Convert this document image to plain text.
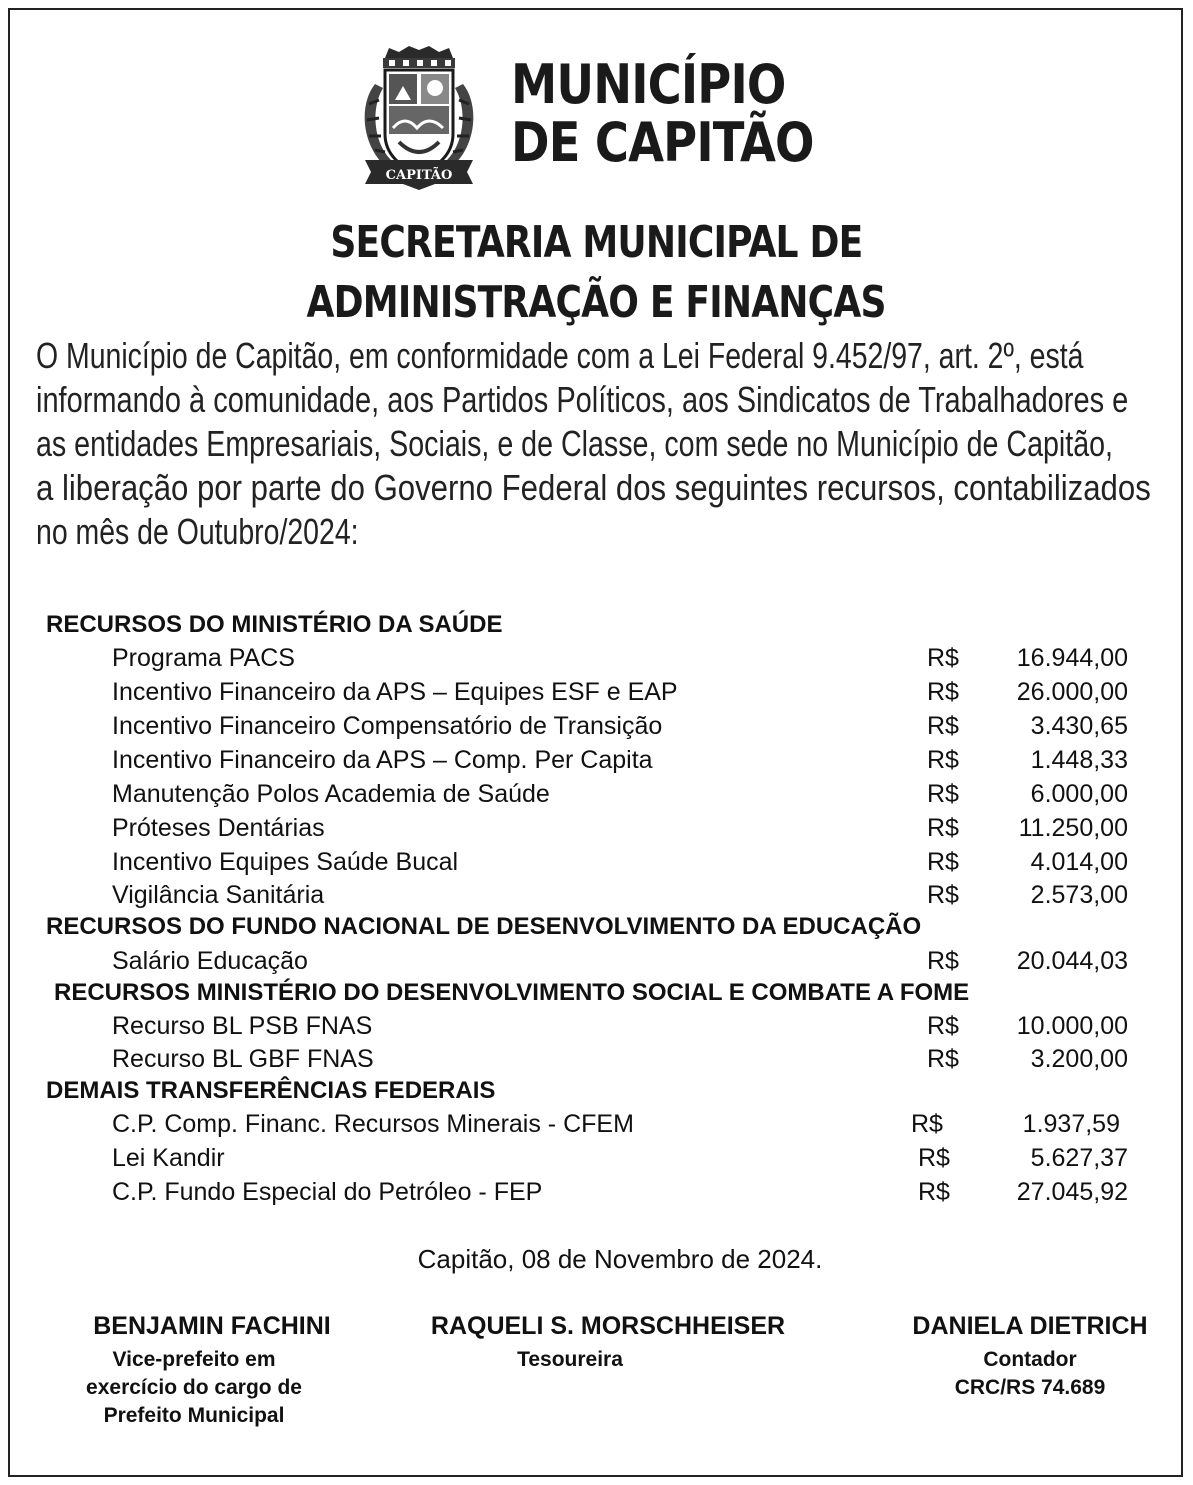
CAPITÃO
MUNICÍPIO
DE CAPITÃO
SECRETARIA MUNICIPAL DE
ADMINISTRAÇÃO E FINANÇAS
O Município de Capitão, em conformidade com a Lei Federal 9.452/97, art. 2º, está
informando à comunidade, aos Partidos Políticos, aos Sindicatos de Trabalhadores e
as entidades Empresariais, Sociais, e de Classe, com sede no Município de Capitão,
a liberação por parte do Governo Federal dos seguintes recursos, contabilizados
no mês de Outubro/2024:
RECURSOS DO MINISTÉRIO DA SAÚDE
Programa PACS	R$ 16.944,00
Incentivo Financeiro da APS – Equipes ESF e EAP	R$ 26.000,00
Incentivo Financeiro Compensatório de Transição	R$	3.430,65
Incentivo Financeiro da APS – Comp. Per Capita	R$	1.448,33
Manutenção Polos Academia de Saúde	R$	6.000,00
Próteses Dentárias	R$ 11.250,00
Incentivo Equipes Saúde Bucal	R$	4.014,00
Vigilância Sanitária	R$	2.573,00
RECURSOS DO FUNDO NACIONAL DE DESENVOLVIMENTO DA EDUCAÇÃO
Salário Educação	R$ 20.044,03
RECURSOS MINISTÉRIO DO DESENVOLVIMENTO SOCIAL E COMBATE A FOME
Recurso BL PSB FNAS	R$ 10.000,00
Recurso BL GBF FNAS	R$	3.200,00
DEMAIS TRANSFERÊNCIAS FEDERAIS
C.P. Comp. Financ. Recursos Minerais - CFEM	R$	1.937,59
Lei Kandir	R$	5.627,37
C.P. Fundo Especial do Petróleo - FEP	R$	27.045,92
Capitão, 08 de Novembro de 2024.
BENJAMIN FACHINI
Vice-prefeito em
exercício do cargo de
Prefeito Municipal
RAQUELI S. MORSCHHEISER
Tesoureira
DANIELA DIETRICH
Contador
CRC/RS 74.689
